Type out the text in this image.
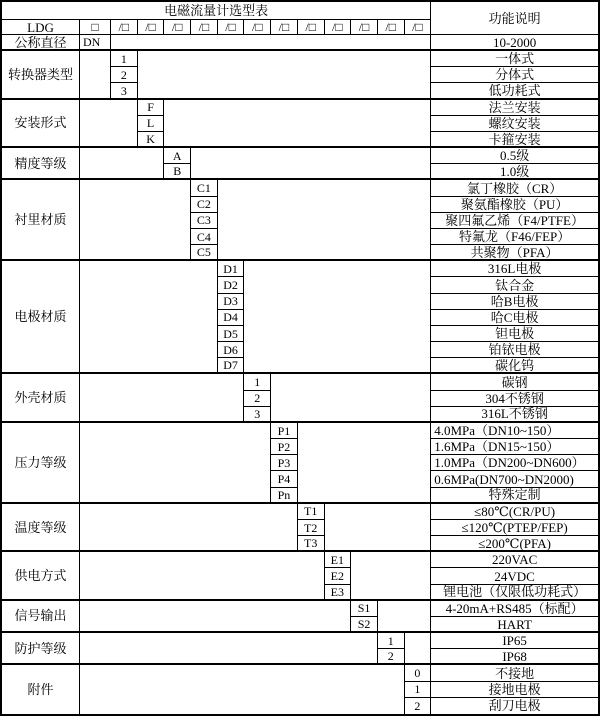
电磁流量计选型表	功能说明
LDG	□	/□	/□	/□	/□	/□	/□	/□	/□	/□	/□	/□	/□
公称直径	DN	10-2000
转换器类型
1	一体式
2	分体式
3	低功耗式
安装形式
F	法兰安装
L	螺纹安装
K	卡箍安装
精度等级
A	0.5级
B	1.0级
衬里材质
C1	氯丁橡胶（CR）
C2	聚氨酯橡胶（PU）
C3	聚四氟乙烯（F4/PTFE）
C4	特氟龙（F46/FEP）
C5	共聚物（PFA）
电极材质
D1	316L电极
D2	钛合金
D3	哈B电极
D4	哈C电极
D5	钽电极
D6	铂铱电极
D7	碳化钨
外壳材质
1	碳钢
2	304不锈钢
3	316L不锈钢
压力等级
P1	4.0MPa（DN10~150）
P2	1.6MPa（DN15~150）
P3	1.0MPa（DN200~DN600）
P4	0.6MPa(DN700~DN2000)
Pn	特殊定制
温度等级
T1	≤80℃(CR/PU)
T2	≤120℃(PTEP/FEP)
T3	≤200℃(PFA)
供电方式
E1	220VAC
E2	24VDC
E3	锂电池（仅限低功耗式）
信号输出
S1	4-20mA+RS485（标配）
S2	HART
防护等级
1	IP65
2	IP68
附件
0	不接地
1	接地电极
2	刮刀电极
